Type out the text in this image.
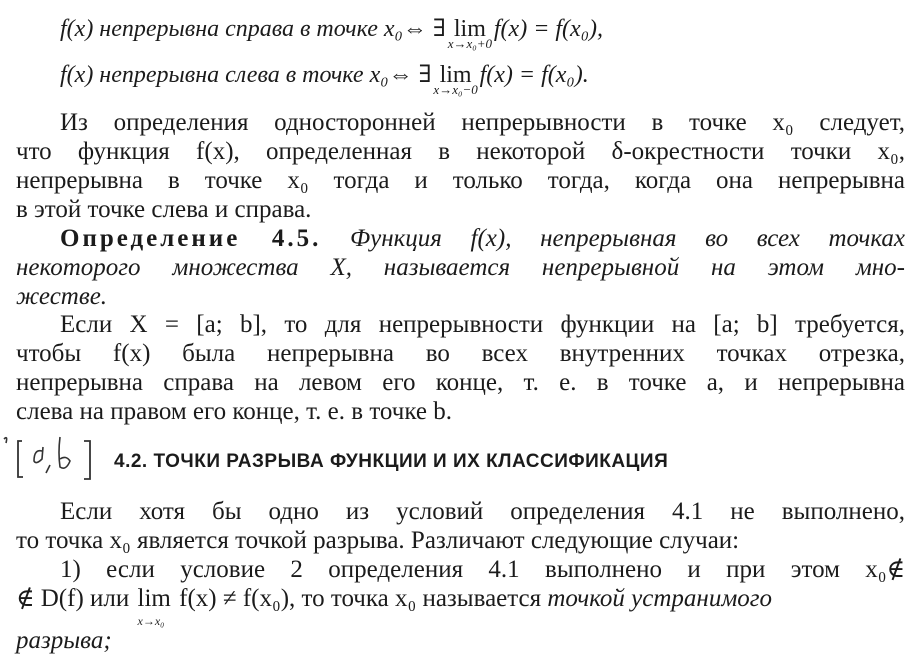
f(x) непрерывна справа в точке x₀⇔ ∃ lim
x→x₀+0
f(x) = f(x₀),
f(x) непрерывна слева в точке x₀⇔ ∃ lim
x→x₀−0
f(x) = f(x₀).
Из определения односторонней непрерывности в точке x₀ следует,
что функция f(x), определенная в некоторой δ-окрестности точки x₀,
непрерывна в точке x₀ тогда и только тогда, когда она непрерывна
в этой точке слева и справа.
Определение 4.5. Функция f(x), непрерывная во всех точках
некоторого множества X, называется непрерывной на этом мно-
жестве.
Если X = [a; b], то для непрерывности функции на [a; b] требуется,
чтобы f(x) была непрерывна во всех внутренних точках отрезка,
непрерывна справа на левом его конце, т. е. в точке a, и непрерывна
слева на правом его конце, т. е. в точке b.
4.2. ТОЧКИ РАЗРЫВА ФУНКЦИИ И ИХ КЛАССИФИКАЦИЯ
Если хотя бы одно из условий определения 4.1 не выполнено,
то точка x₀ является точкой разрыва. Различают следующие случаи:
1) если условие 2 определения 4.1 выполнено и при этом x₀∉
∉ D(f) или lim
x→x₀
f(x) ≠ f(x₀), то точка x₀ называется точкой устранимого
разрыва;
